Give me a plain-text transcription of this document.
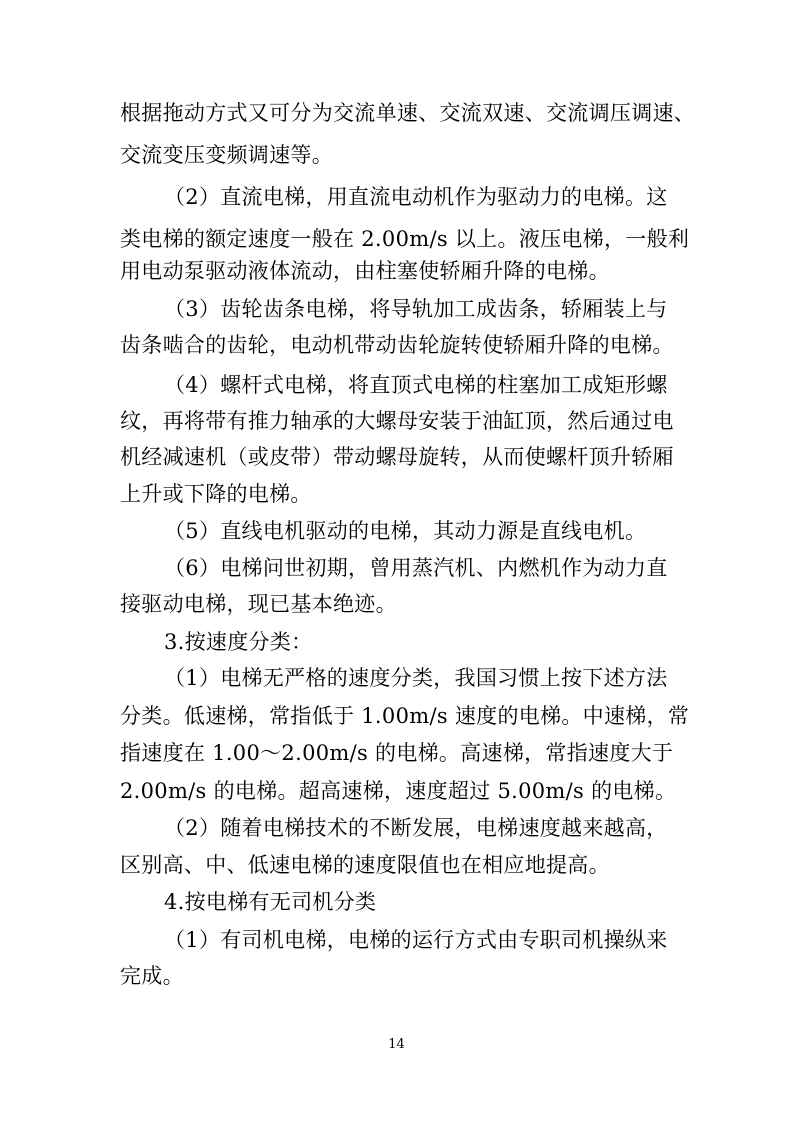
根据拖动方式又可分为交流单速、交流双速、交流调压调速、
交流变压变频调速等。
（2）直流电梯，用直流电动机作为驱动力的电梯。这
类电梯的额定速度一般在 2.00m/s 以上。液压电梯，一般利
用电动泵驱动液体流动，由柱塞使轿厢升降的电梯。
（3）齿轮齿条电梯，将导轨加工成齿条，轿厢装上与
齿条啮合的齿轮，电动机带动齿轮旋转使轿厢升降的电梯。
（4）螺杆式电梯，将直顶式电梯的柱塞加工成矩形螺
纹，再将带有推力轴承的大螺母安装于油缸顶，然后通过电
机经减速机（或皮带）带动螺母旋转，从而使螺杆顶升轿厢
上升或下降的电梯。
（5）直线电机驱动的电梯，其动力源是直线电机。
（6）电梯问世初期，曾用蒸汽机、内燃机作为动力直
接驱动电梯，现已基本绝迹。
3.按速度分类：
（1）电梯无严格的速度分类，我国习惯上按下述方法
分类。低速梯，常指低于 1.00m/s 速度的电梯。中速梯，常
指速度在 1.00～2.00m/s 的电梯。高速梯，常指速度大于
2.00m/s 的电梯。超高速梯，速度超过 5.00m/s 的电梯。
（2）随着电梯技术的不断发展，电梯速度越来越高，
区别高、中、低速电梯的速度限值也在相应地提高。
4.按电梯有无司机分类
（1）有司机电梯，电梯的运行方式由专职司机操纵来
完成。
14
